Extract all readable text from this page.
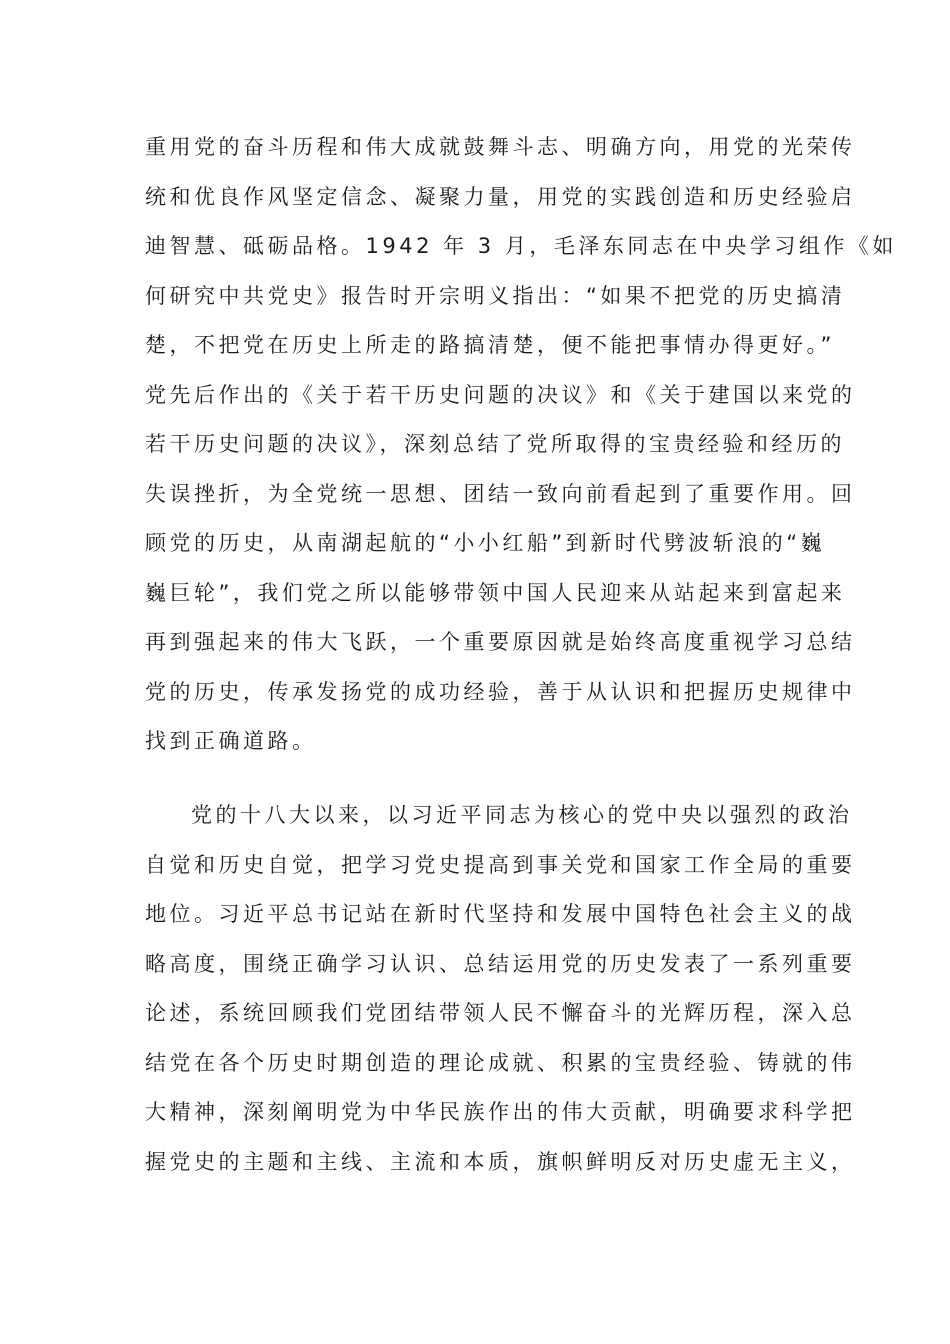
重用党的奋斗历程和伟大成就鼓舞斗志、明确方向，用党的光荣传
统和优良作风坚定信念、凝聚力量，用党的实践创造和历史经验启
迪智慧、砥砺品格。1942 年 3 月，毛泽东同志在中央学习组作《如
何研究中共党史》报告时开宗明义指出：“如果不把党的历史搞清
楚，不把党在历史上所走的路搞清楚，便不能把事情办得更好。”
党先后作出的《关于若干历史问题的决议》和《关于建国以来党的
若干历史问题的决议》，深刻总结了党所取得的宝贵经验和经历的
失误挫折，为全党统一思想、团结一致向前看起到了重要作用。回
顾党的历史，从南湖起航的“小小红船”到新时代劈波斩浪的“巍
巍巨轮”，我们党之所以能够带领中国人民迎来从站起来到富起来
再到强起来的伟大飞跃，一个重要原因就是始终高度重视学习总结
党的历史，传承发扬党的成功经验，善于从认识和把握历史规律中
找到正确道路。
党的十八大以来，以习近平同志为核心的党中央以强烈的政治
自觉和历史自觉，把学习党史提高到事关党和国家工作全局的重要
地位。习近平总书记站在新时代坚持和发展中国特色社会主义的战
略高度，围绕正确学习认识、总结运用党的历史发表了一系列重要
论述，系统回顾我们党团结带领人民不懈奋斗的光辉历程，深入总
结党在各个历史时期创造的理论成就、积累的宝贵经验、铸就的伟
大精神，深刻阐明党为中华民族作出的伟大贡献，明确要求科学把
握党史的主题和主线、主流和本质，旗帜鲜明反对历史虚无主义，
